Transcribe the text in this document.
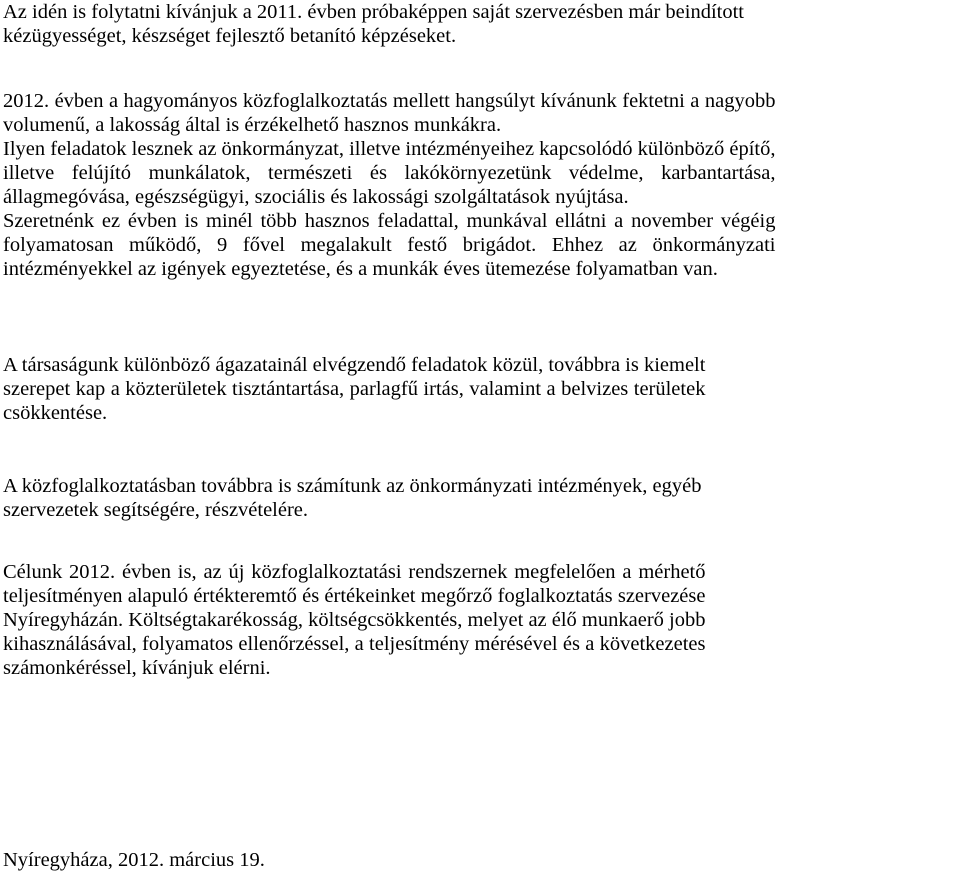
Az idén is folytatni kívánjuk a 2011. évben próbaképpen saját szervezésben már beindított
kézügyességet, készséget fejlesztő betanító képzéseket.
2012. évben a hagyományos közfoglalkoztatás mellett hangsúlyt kívánunk fektetni a nagyobb
volumenű, a lakosság által is érzékelhető hasznos munkákra.
Ilyen feladatok lesznek az önkormányzat, illetve intézményeihez kapcsolódó különböző építő,
illetve felújító munkálatok, természeti és lakókörnyezetünk védelme, karbantartása,
állagmegóvása, egészségügyi, szociális és lakossági szolgáltatások nyújtása.
Szeretnénk ez évben is minél több hasznos feladattal, munkával ellátni a november végéig
folyamatosan működő, 9 fővel megalakult festő brigádot. Ehhez az önkormányzati
intézményekkel az igények egyeztetése, és a munkák éves ütemezése folyamatban van.
A társaságunk különböző ágazatainál elvégzendő feladatok közül, továbbra is kiemelt
szerepet kap a közterületek tisztántartása, parlagfű irtás, valamint a belvizes területek
csökkentése.
A közfoglalkoztatásban továbbra is számítunk az önkormányzati intézmények, egyéb
szervezetek segítségére, részvételére.
Célunk 2012. évben is, az új közfoglalkoztatási rendszernek megfelelően a mérhető
teljesítményen alapuló értékteremtő és értékeinket megőrző foglalkoztatás szervezése
Nyíregyházán. Költségtakarékosság, költségcsökkentés, melyet az élő munkaerő jobb
kihasználásával, folyamatos ellenőrzéssel, a teljesítmény mérésével és a következetes
számonkéréssel, kívánjuk elérni.
Nyíregyháza, 2012. március 19.
